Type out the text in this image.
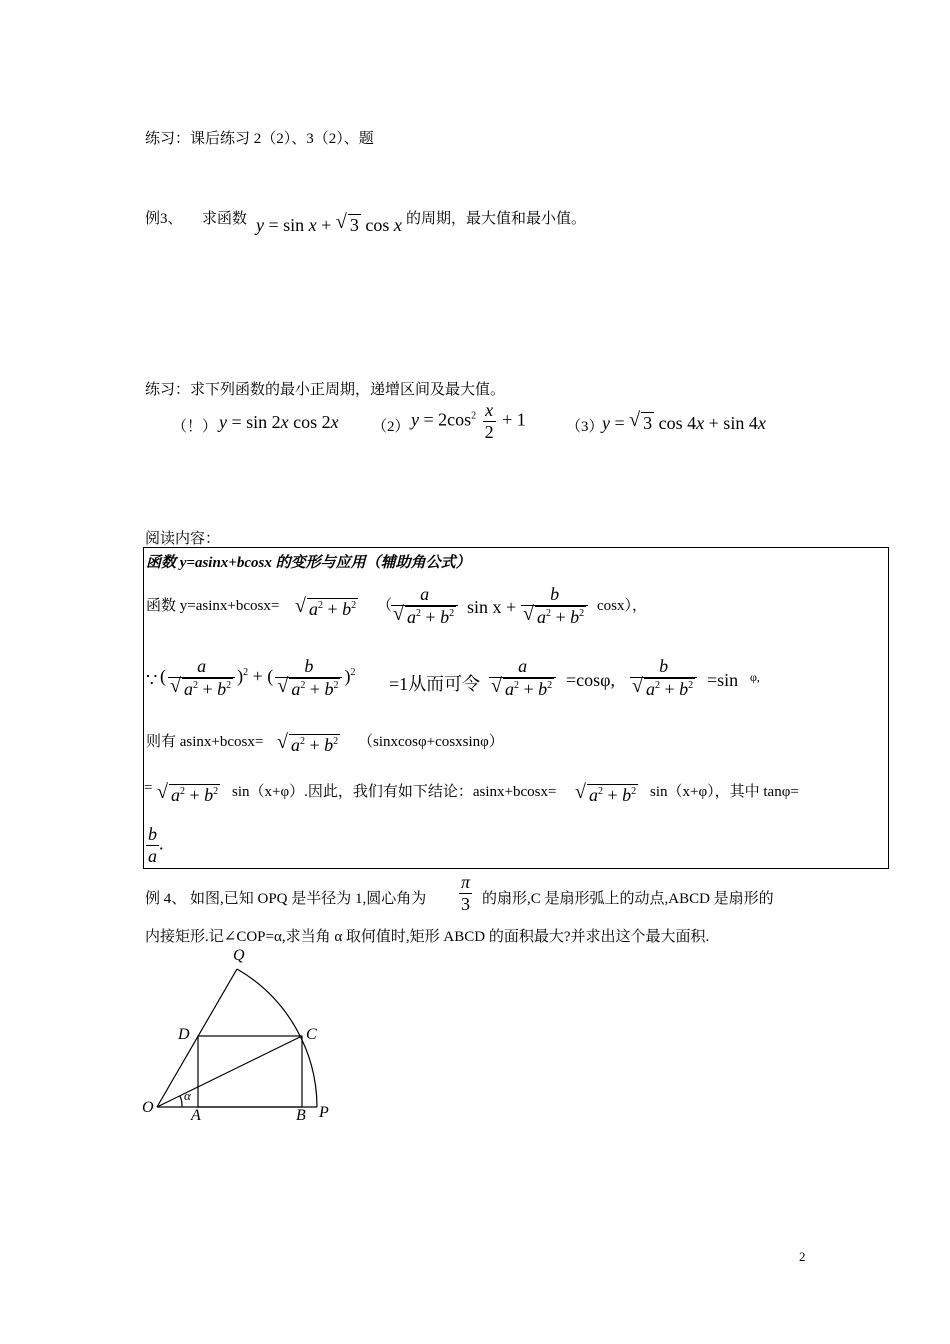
练习：课后练习 2（2）、3（2）、题
例3、 求函数 y = sin x + √ 3 cos x 的周期，最大值和最小值。
练习：求下列函数的最小正周期，递增区间及最大值。
（！） y = sin 2x cos 2x （2） $y = 2\cos^2 \frac{x}{2} + 1$	（3）
y = √ 3 cos 4x + sin 4x
阅读内容：
函数 y=asinx+bcosx 的变形与应用（辅助角公式）
函数 y=asinx+bcosx= √ $a^2 + b^2$ （
$\frac{a}{√ a^2 + b^2}$ $\sin x + \frac{b}{√ a^2 + b^2} \cos x$），
∵ ( $\frac{a}{√ a^2 + b^2} )^2$ + ( $\frac{b}{√ a^2 + b^2} )^2$
=1从而可令 $\frac{a}{√ a^2 + b^2} =\cos\varphi$, $\frac{b}{√ a^2 + b^2} =\sin$ φ,
则有 asinx+bcosx= √ $a^2 + b^2$ （sinxcosφ+cosxsinφ）
= √ $a^2 + b^2$ sin（x+φ）.因此，我们有如下结论：asinx+bcosx= √ $a^2 + b^2$ sin（x+φ），其中 tanφ=
$\frac{b}{a}$ .
例 4、 如图,已知 OPQ 是半径为 1,圆心角为 $\frac{\pi}{3}$ 的扇形,C 是扇形弧上的动点,ABCD 是扇形的
内接矩形.记∠COP=α,求当角 α 取何值时,矩形 ABCD 的面积最大?并求出这个最大面积.
Q
D	C
O A	B P
α
2
